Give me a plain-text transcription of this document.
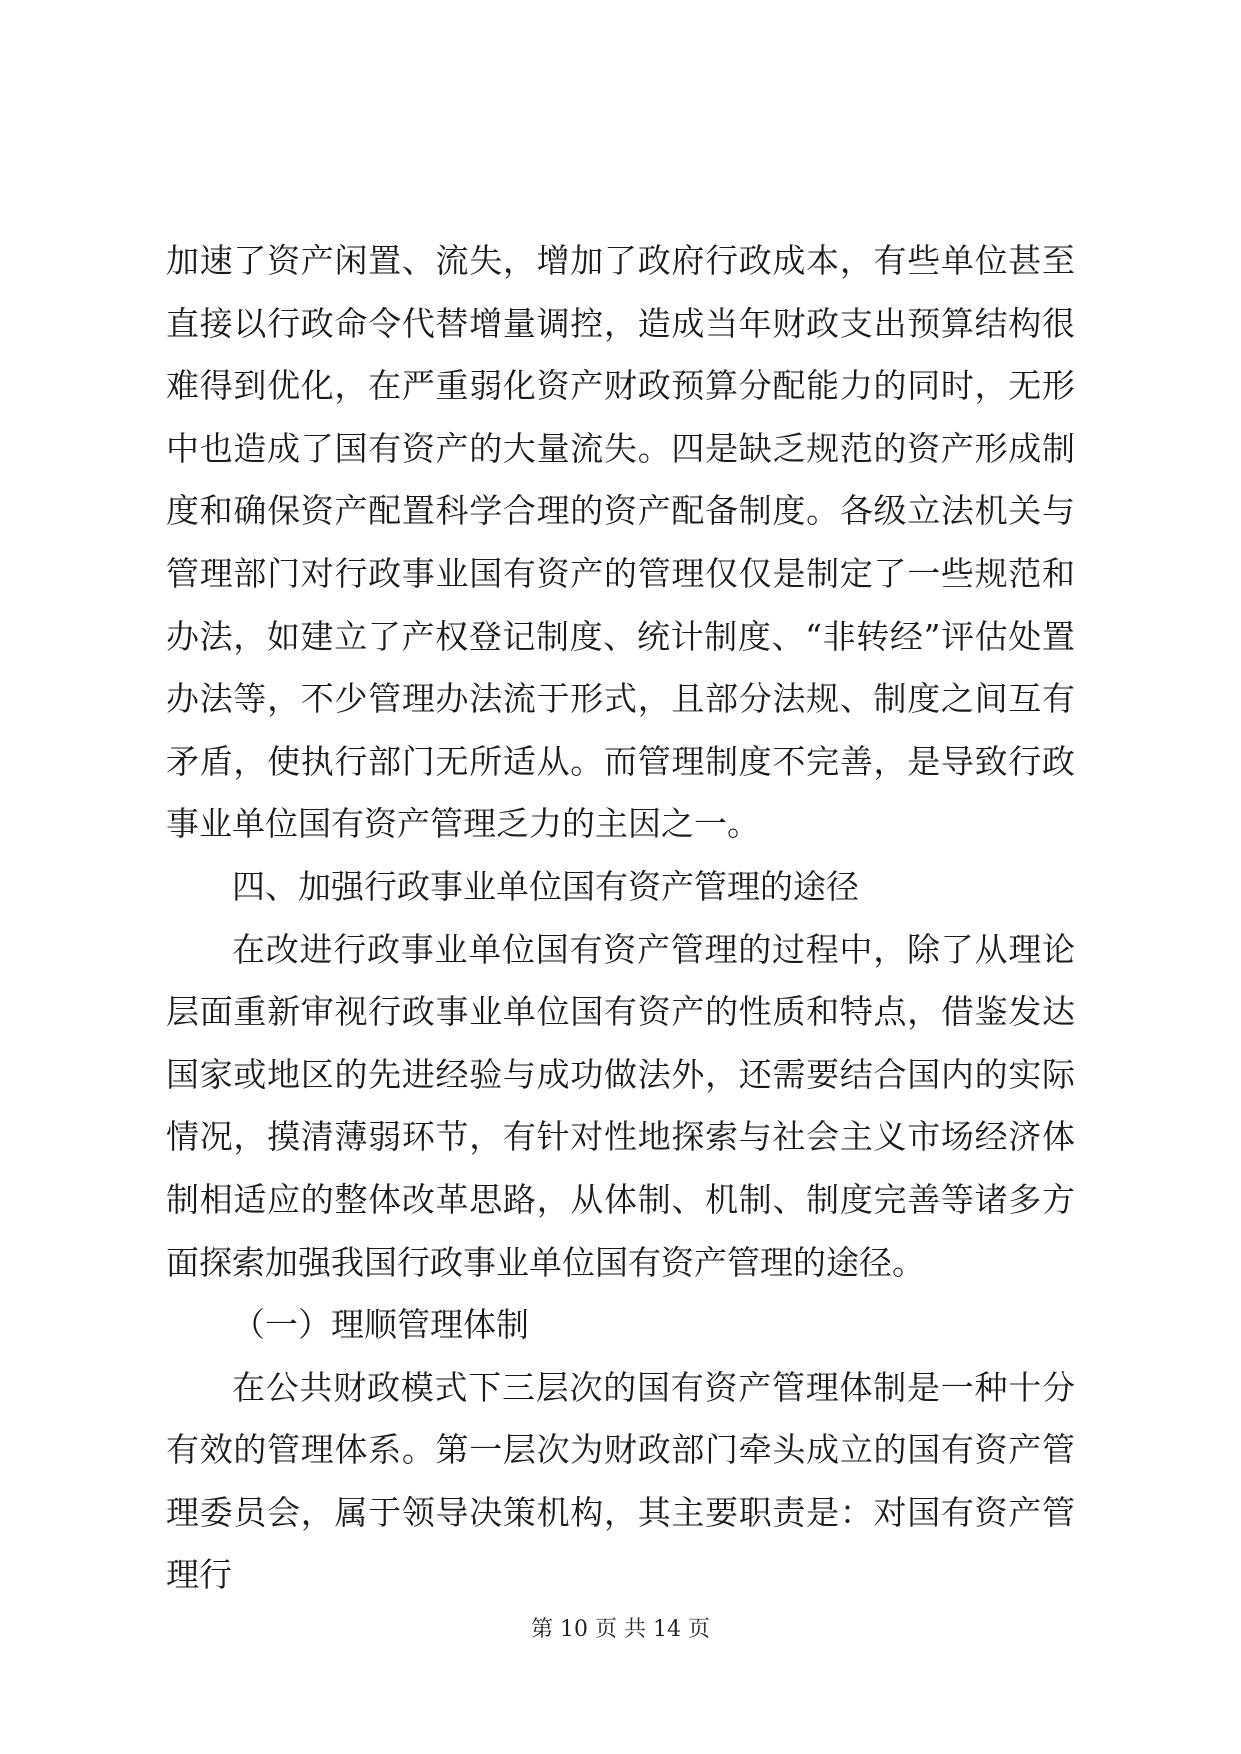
加速了资产闲置、流失，增加了政府行政成本，有些单位甚至直接以行政命令代替增量调控，造成当年财政支出预算结构很难得到优化，在严重弱化资产财政预算分配能力的同时，无形中也造成了国有资产的大量流失。四是缺乏规范的资产形成制度和确保资产配置科学合理的资产配备制度。各级立法机关与管理部门对行政事业国有资产的管理仅仅是制定了一些规范和办法，如建立了产权登记制度、统计制度、“非转经”评估处置办法等，不少管理办法流于形式，且部分法规、制度之间互有矛盾，使执行部门无所适从。而管理制度不完善，是导致行政事业单位国有资产管理乏力的主因之一。

四、加强行政事业单位国有资产管理的途径

在改进行政事业单位国有资产管理的过程中，除了从理论层面重新审视行政事业单位国有资产的性质和特点，借鉴发达国家或地区的先进经验与成功做法外，还需要结合国内的实际情况，摸清薄弱环节，有针对性地探索与社会主义市场经济体制相适应的整体改革思路，从体制、机制、制度完善等诸多方面探索加强我国行政事业单位国有资产管理的途径。

（一）理顺管理体制

在公共财政模式下三层次的国有资产管理体制是一种十分有效的管理体系。第一层次为财政部门牵头成立的国有资产管理委员会，属于领导决策机构，其主要职责是：对国有资产管理行

第 10 页 共 14 页
